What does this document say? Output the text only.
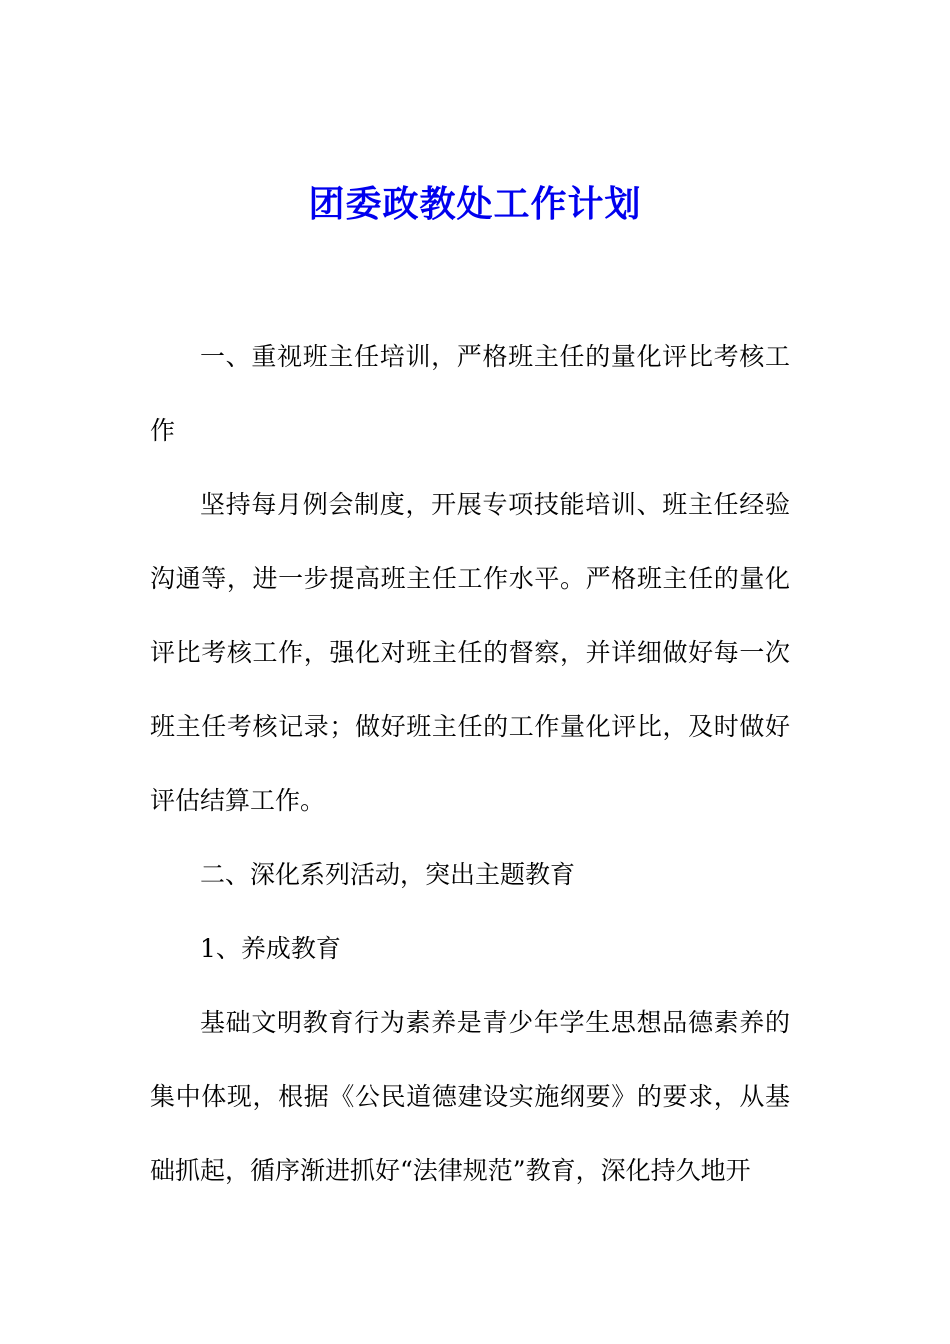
团委政教处工作计划

一、重视班主任培训，严格班主任的量化评比考核工作

坚持每月例会制度，开展专项技能培训、班主任经验沟通等，进一步提高班主任工作水平。严格班主任的量化评比考核工作，强化对班主任的督察，并详细做好每一次班主任考核记录；做好班主任的工作量化评比，及时做好评估结算工作。

二、深化系列活动，突出主题教育

1、养成教育

基础文明教育行为素养是青少年学生思想品德素养的集中体现，根据《公民道德建设实施纲要》的要求，从基础抓起，循序渐进抓好“法律规范”教育，深化持久地开
